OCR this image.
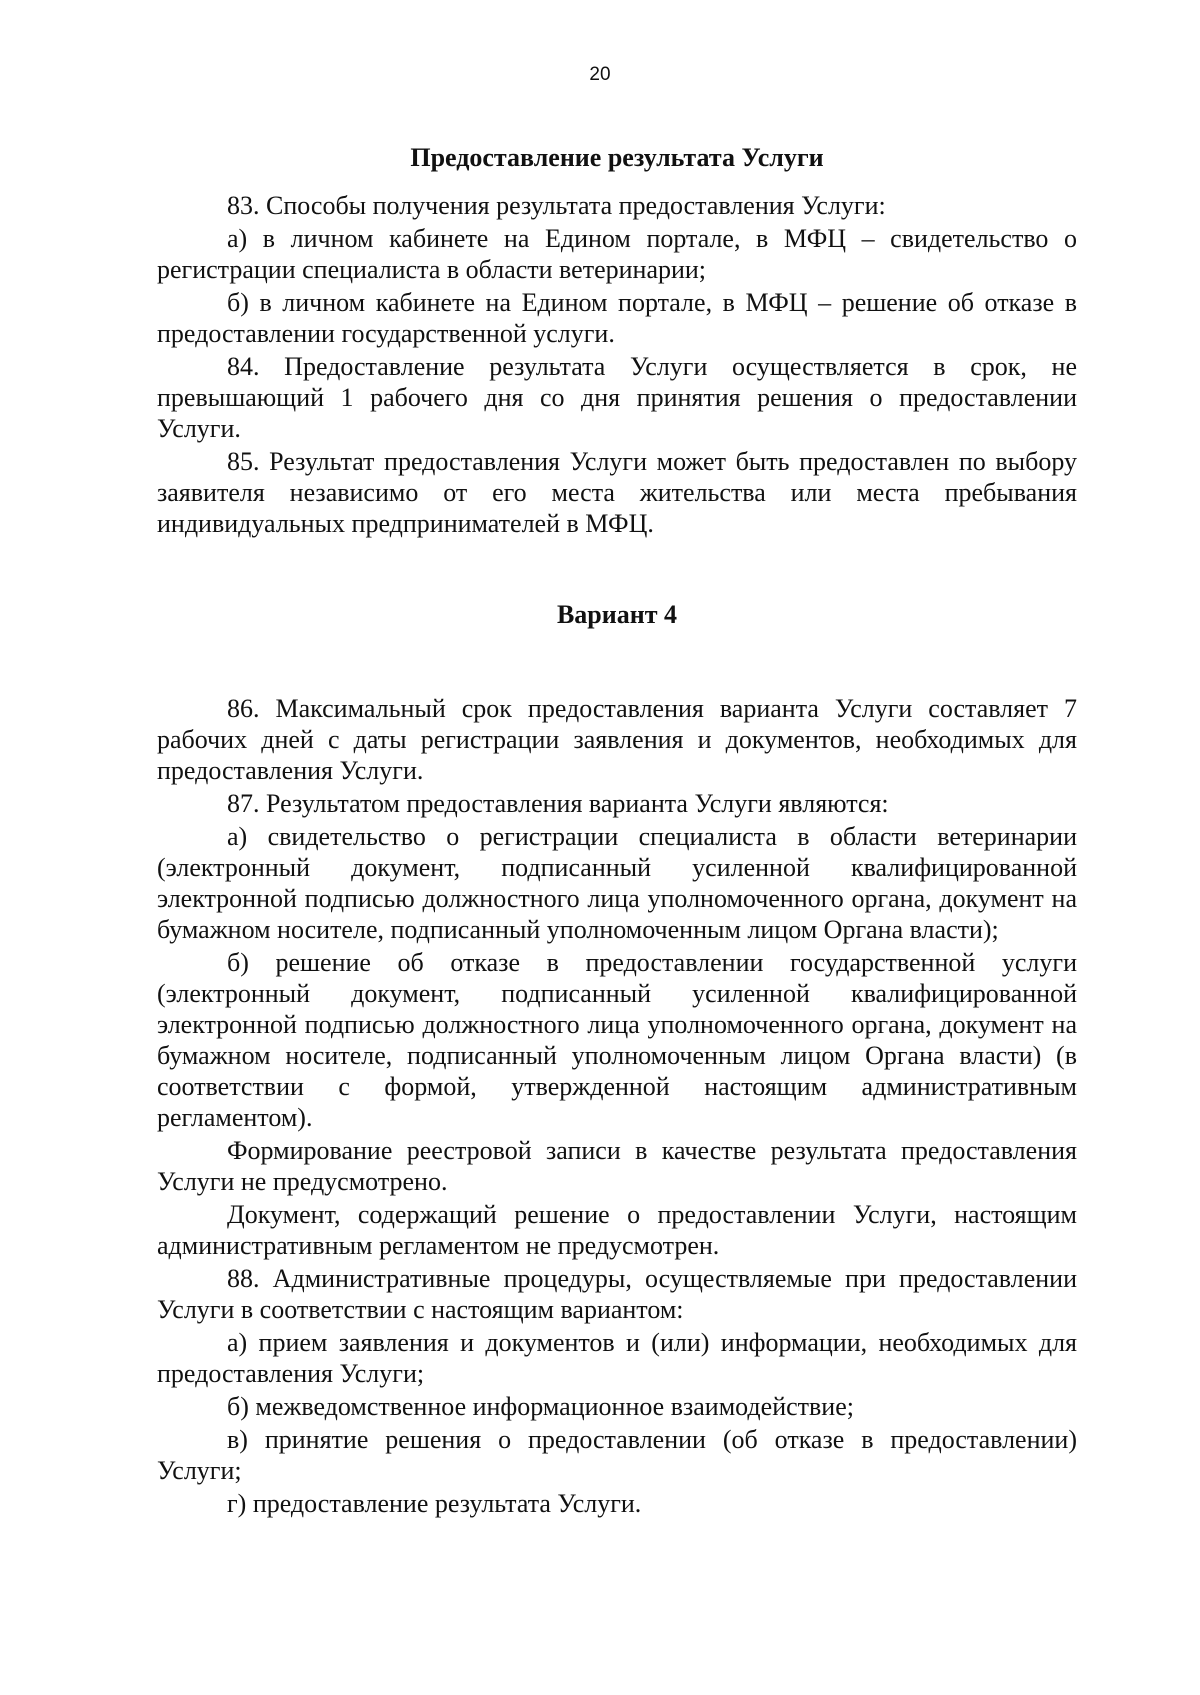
20
Предоставление результата Услуги

83. Способы получения результата предоставления Услуги:

а) в личном кабинете на Едином портале, в МФЦ – свидетельство о регистрации специалиста в области ветеринарии;

б) в личном кабинете на Едином портале, в МФЦ – решение об отказе в предоставлении государственной услуги.

84. Предоставление результата Услуги осуществляется в срок, не превышающий 1 рабочего дня со дня принятия решения о предоставлении Услуги.

85. Результат предоставления Услуги может быть предоставлен по выбору заявителя независимо от его места жительства или места пребывания индивидуальных предпринимателей в МФЦ.

Вариант 4

86. Максимальный срок предоставления варианта Услуги составляет 7 рабочих дней с даты регистрации заявления и документов, необходимых для предоставления Услуги.

87. Результатом предоставления варианта Услуги являются:

а) свидетельство о регистрации специалиста в области ветеринарии (электронный документ, подписанный усиленной квалифицированной электронной подписью должностного лица уполномоченного органа, документ на бумажном носителе, подписанный уполномоченным лицом Органа власти);

б) решение об отказе в предоставлении государственной услуги (электронный документ, подписанный усиленной квалифицированной электронной подписью должностного лица уполномоченного органа, документ на бумажном носителе, подписанный уполномоченным лицом Органа власти) (в соответствии с формой, утвержденной настоящим административным регламентом).

Формирование реестровой записи в качестве результата предоставления Услуги не предусмотрено.

Документ, содержащий решение о предоставлении Услуги, настоящим административным регламентом не предусмотрен.

88. Административные процедуры, осуществляемые при предоставлении Услуги в соответствии с настоящим вариантом:

а) прием заявления и документов и (или) информации, необходимых для предоставления Услуги;

б) межведомственное информационное взаимодействие;

в) принятие решения о предоставлении (об отказе в предоставлении) Услуги;

г) предоставление результата Услуги.
